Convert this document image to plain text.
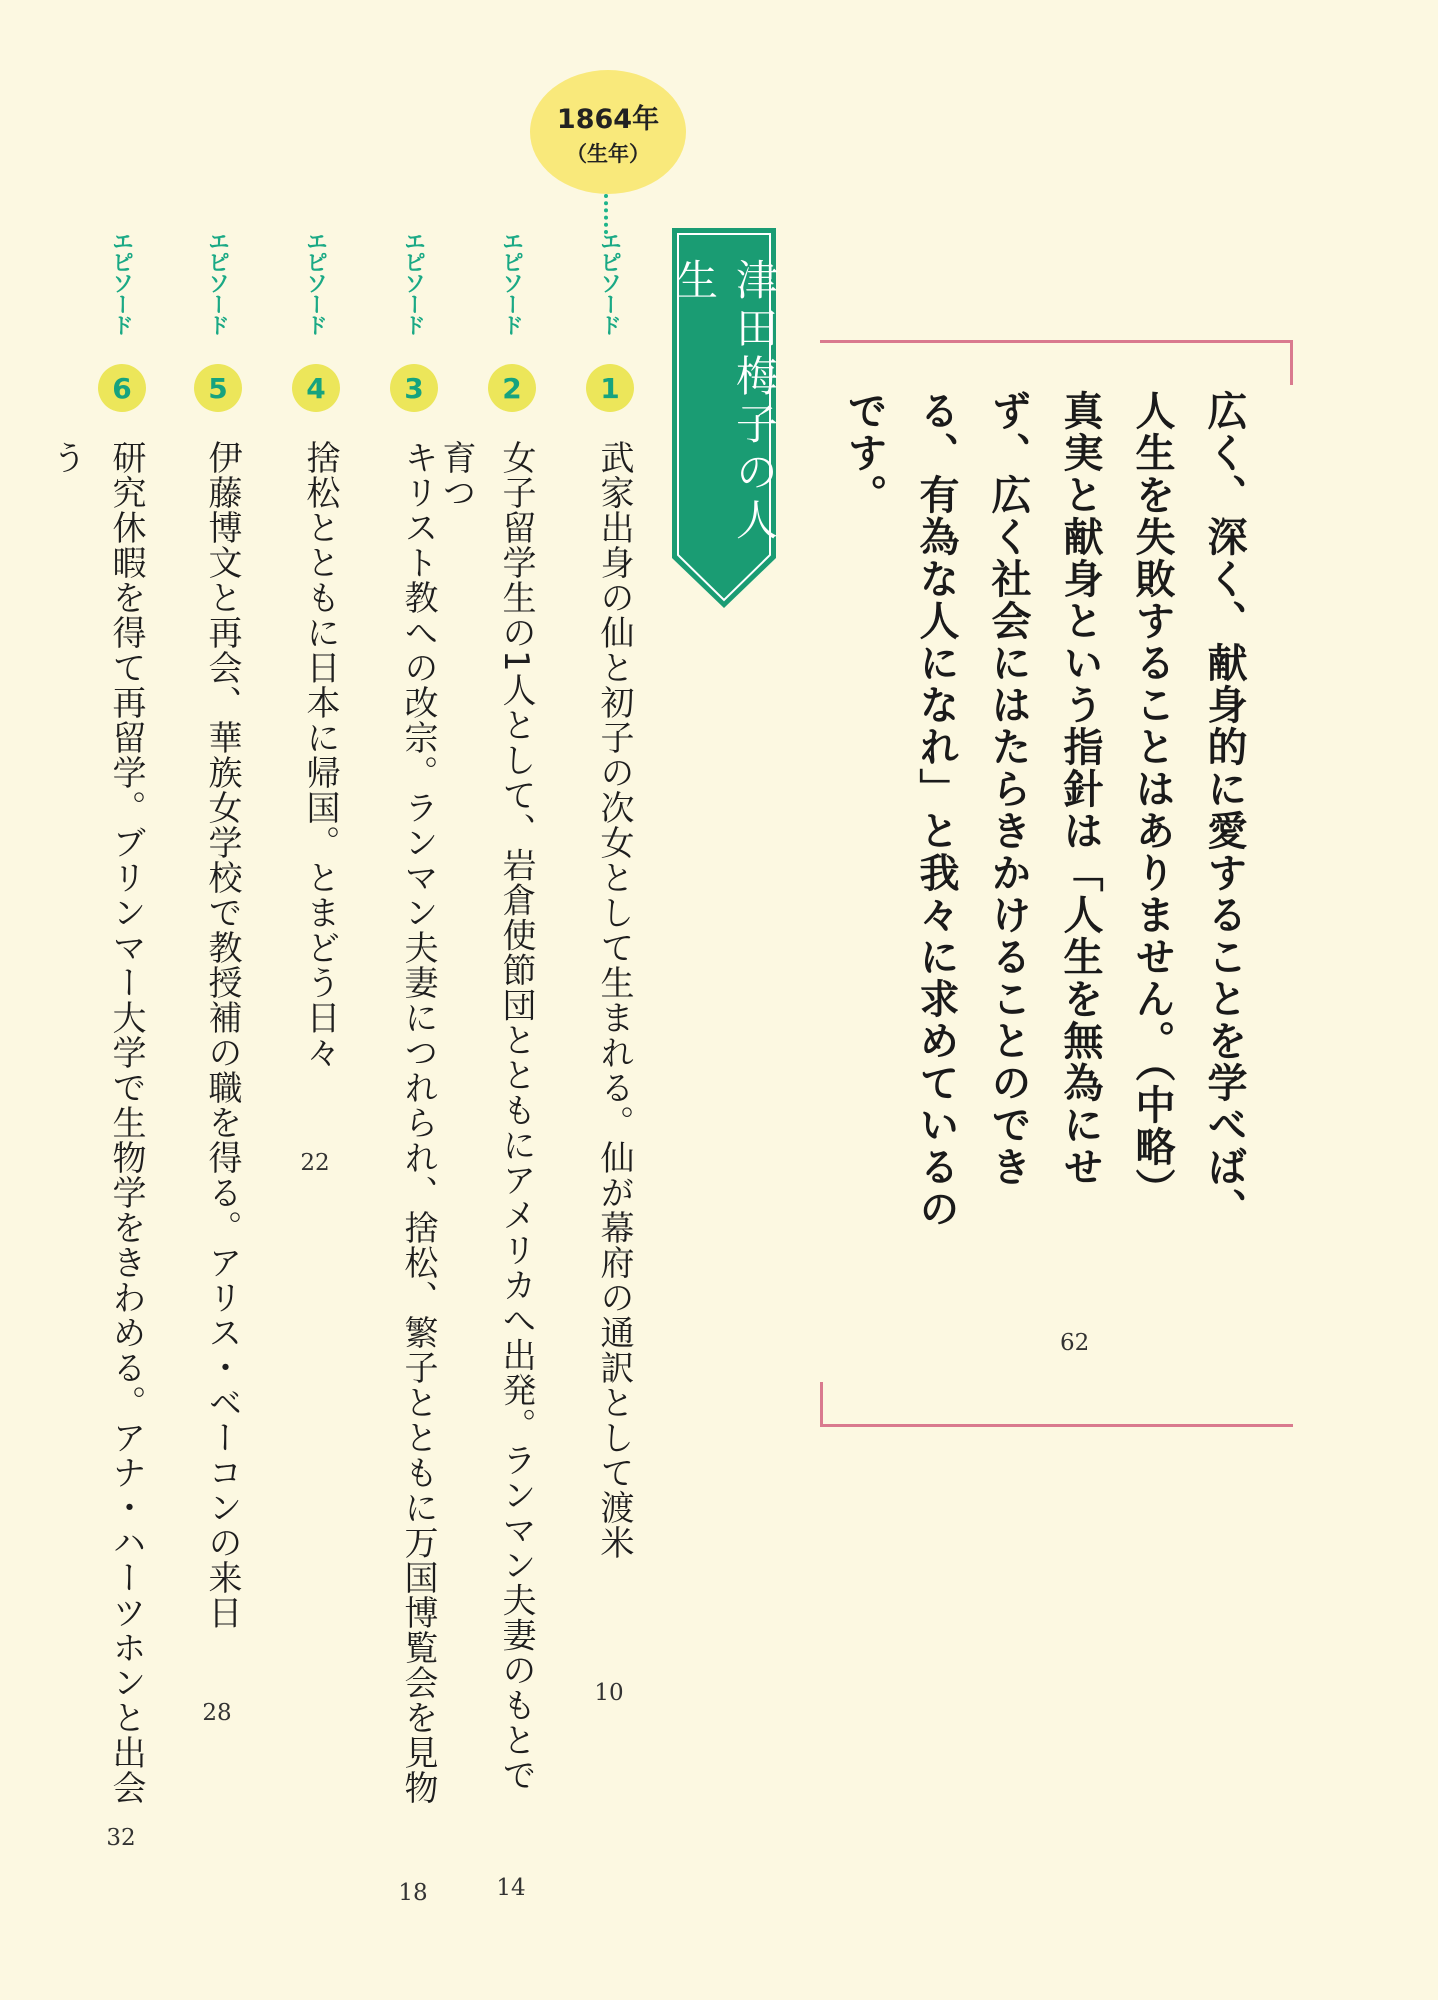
広く、深く、献身的に愛することを学べば、人生を失敗することはありません。（中略）真実と献身という指針は「人生を無為にせず、広く社会にはたらきかけることのできる、有為な人になれ」と我々に求めているのです。
62
津田梅子の人生
1864年
（生年）
エピソード
1
武家出身の仙と初子の次女として生まれる。仙が幕府の通訳として渡米
10
エピソード
2
女子留学生の1人として、岩倉使節団とともにアメリカへ出発。ランマン夫妻のもとで育つ
14
エピソード
3
キリスト教への改宗。ランマン夫妻につれられ、捨松、繁子とともに万国博覧会を見物
18
エピソード
4
捨松とともに日本に帰国。とまどう日々
22
エピソード
5
伊藤博文と再会、華族女学校で教授補の職を得る。アリス・ベーコンの来日
28
エピソード
6
研究休暇を得て再留学。ブリンマー大学で生物学をきわめる。アナ・ハーツホンと出会う
32
